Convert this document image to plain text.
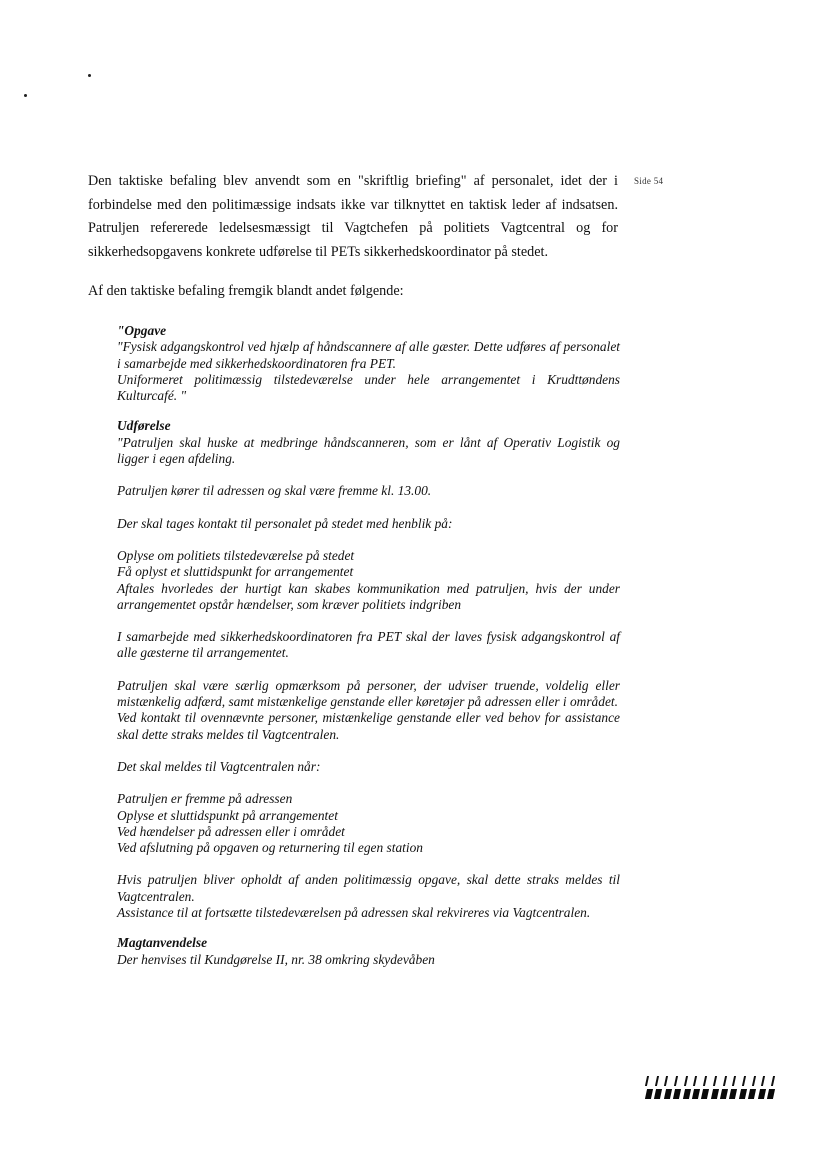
Side 54

Den taktiske befaling blev anvendt som en "skriftlig briefing" af personalet, idet der i forbindelse med den politimæssige indsats ikke var tilknyttet en taktisk leder af indsatsen. Patruljen refererede ledelsesmæssigt til Vagtchefen på politiets Vagtcentral og for sikkerhedsopgavens konkrete udførelse til PETs sikkerhedskoordinator på stedet.

Af den taktiske befaling fremgik blandt andet følgende:
"Opgave
"Fysisk adgangskontrol ved hjælp af håndscannere af alle gæster. Dette udføres af personalet i samarbejde med sikkerhedskoordinatoren fra PET.
Uniformeret politimæssig tilstedeværelse under hele arrangementet i Krudttøndens Kulturcafé. "
Udførelse
"Patruljen skal huske at medbringe håndscanneren, som er lånt af Operativ Logistik og ligger i egen afdeling.
Patruljen kører til adressen og skal være fremme kl. 13.00.
Der skal tages kontakt til personalet på stedet med henblik på:
Oplyse om politiets tilstedeværelse på stedet
Få oplyst et sluttidspunkt for arrangementet
Aftales hvorledes der hurtigt kan skabes kommunikation med patruljen, hvis der under arrangementet opstår hændelser, som kræver politiets indgriben
I samarbejde med sikkerhedskoordinatoren fra PET skal der laves fysisk adgangskontrol af alle gæsterne til arrangementet.
Patruljen skal være særlig opmærksom på personer, der udviser truende, voldelig eller mistænkelig adfærd, samt mistænkelige genstande eller køretøjer på adressen eller i området.
Ved kontakt til ovennævnte personer, mistænkelige genstande eller ved behov for assistance skal dette straks meldes til Vagtcentralen.
Det skal meldes til Vagtcentralen når:
Patruljen er fremme på adressen
Oplyse et sluttidspunkt på arrangementet
Ved hændelser på adressen eller i området
Ved afslutning på opgaven og returnering til egen station
Hvis patruljen bliver opholdt af anden politimæssig opgave, skal dette straks meldes til Vagtcentralen.
Assistance til at fortsætte tilstedeværelsen på adressen skal rekvireres via Vagtcentralen.
Magtanvendelse
Der henvises til Kundgørelse II, nr. 38 omkring skydevåben
